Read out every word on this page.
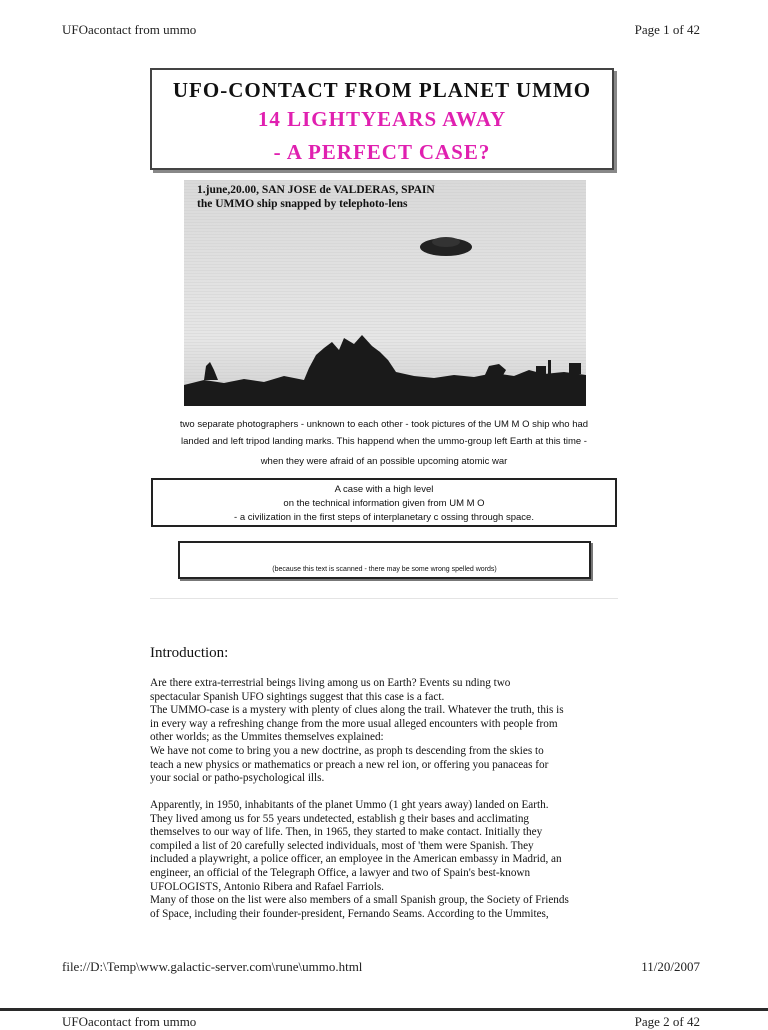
UFOacontact from ummo	Page 1 of 42
UFO-CONTACT FROM PLANET UMMO
14 LIGHTYEARS AWAY
- A PERFECT CASE?
1.june,20.00, SAN JOSE de VALDERAS, SPAIN
the UMMO ship snapped by telephoto-lens
two separate photographers - unknown to each other - took pictures of the UM M O ship who had
landed and left tripod landing marks. This happend when the ummo-group left Earth at this time -
when they were afraid of an possible upcoming atomic war
A case with a high level
on the technical information given from UM M O
- a civilization in the first steps of interplanetary c ossing through space.
(because this text is scanned - there may be some wrong spelled words)
Introduction:
Are there extra-terrestrial beings living among us on Earth? Events su nding two
spectacular Spanish UFO sightings suggest that this case is a fact.
The UMMO-case is a mystery with plenty of clues along the trail. Whatever the truth, this is
in every way a refreshing change from the more usual alleged encounters with people from
other worlds; as the Ummites themselves explained:
We have not come to bring you a new doctrine, as proph ts descending from the skies to
teach a new physics or mathematics or preach a new rel ion, or offering you panaceas for
your social or patho-psychological ills.
Apparently, in 1950, inhabitants of the planet Ummo (1 ght years away) landed on Earth.
They lived among us for 55 years undetected, establish g their bases and acclimating
themselves to our way of life. Then, in 1965, they started to make contact. Initially they
compiled a list of 20 carefully selected individuals, most of 'them were Spanish. They
included a playwright, a police officer, an employee in the American embassy in Madrid, an
engineer, an official of the Telegraph Office, a lawyer and two of Spain's best-known
UFOLOGISTS, Antonio Ribera and Rafael Farriols.
Many of those on the list were also members of a small Spanish group, the Society of Friends
of Space, including their founder-president, Fernando Seams. According to the Ummites,
file://D:\Temp\www.galactic-server.com\rune\ummo.html	11/20/2007
UFOacontact from ummo	Page 2 of 42
